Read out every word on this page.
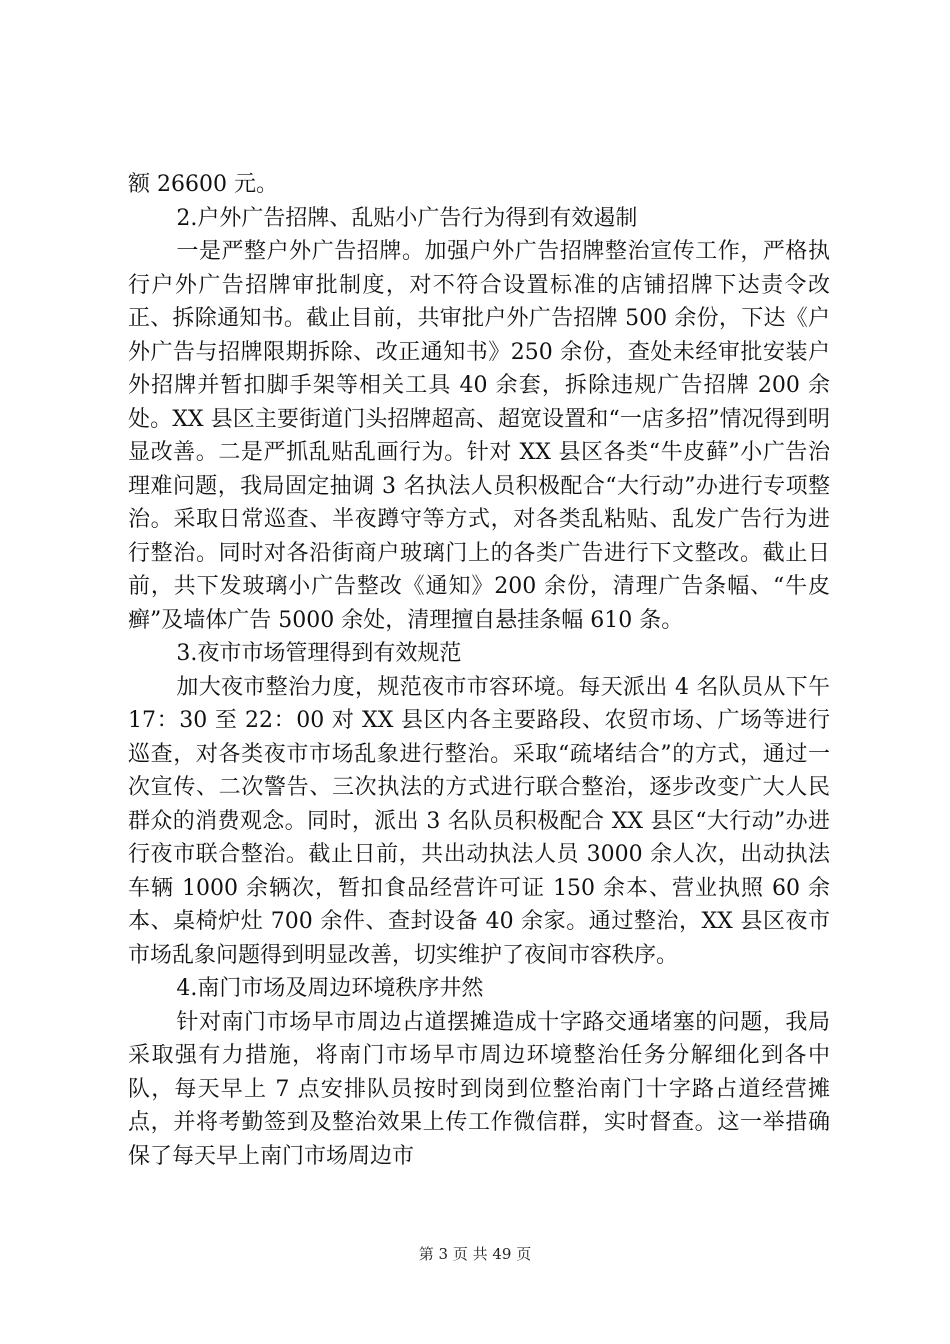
额 26600 元。

2.户外广告招牌、乱贴小广告行为得到有效遏制

一是严整户外广告招牌。加强户外广告招牌整治宣传工作，严格执行户外广告招牌审批制度，对不符合设置标准的店铺招牌下达责令改正、拆除通知书。截止目前，共审批户外广告招牌 500 余份，下达《户外广告与招牌限期拆除、改正通知书》250 余份，查处未经审批安装户外招牌并暂扣脚手架等相关工具 40 余套，拆除违规广告招牌 200 余处。XX 县区主要街道门头招牌超高、超宽设置和“一店多招”情况得到明显改善。二是严抓乱贴乱画行为。针对 XX 县区各类“牛皮藓”小广告治理难问题，我局固定抽调 3 名执法人员积极配合“大行动”办进行专项整治。采取日常巡查、半夜蹲守等方式，对各类乱粘贴、乱发广告行为进行整治。同时对各沿街商户玻璃门上的各类广告进行下文整改。截止日前，共下发玻璃小广告整改《通知》200 余份，清理广告条幅、“牛皮癣”及墙体广告 5000 余处，清理擅自悬挂条幅 610 条。

3.夜市市场管理得到有效规范

加大夜市整治力度，规范夜市市容环境。每天派出 4 名队员从下午 17：30 至 22：00 对 XX 县区内各主要路段、农贸市场、广场等进行巡查，对各类夜市市场乱象进行整治。采取“疏堵结合”的方式，通过一次宣传、二次警告、三次执法的方式进行联合整治，逐步改变广大人民群众的消费观念。同时，派出 3 名队员积极配合 XX 县区“大行动”办进行夜市联合整治。截止日前，共出动执法人员 3000 余人次，出动执法车辆 1000 余辆次，暂扣食品经营许可证 150 余本、营业执照 60 余本、桌椅炉灶 700 余件、查封设备 40 余家。通过整治，XX 县区夜市市场乱象问题得到明显改善，切实维护了夜间市容秩序。

4.南门市场及周边环境秩序井然

针对南门市场早市周边占道摆摊造成十字路交通堵塞的问题，我局采取强有力措施，将南门市场早市周边环境整治任务分解细化到各中队，每天早上 7 点安排队员按时到岗到位整治南门十字路占道经营摊点，并将考勤签到及整治效果上传工作微信群，实时督查。这一举措确保了每天早上南门市场周边市

第 3 页 共 49 页
